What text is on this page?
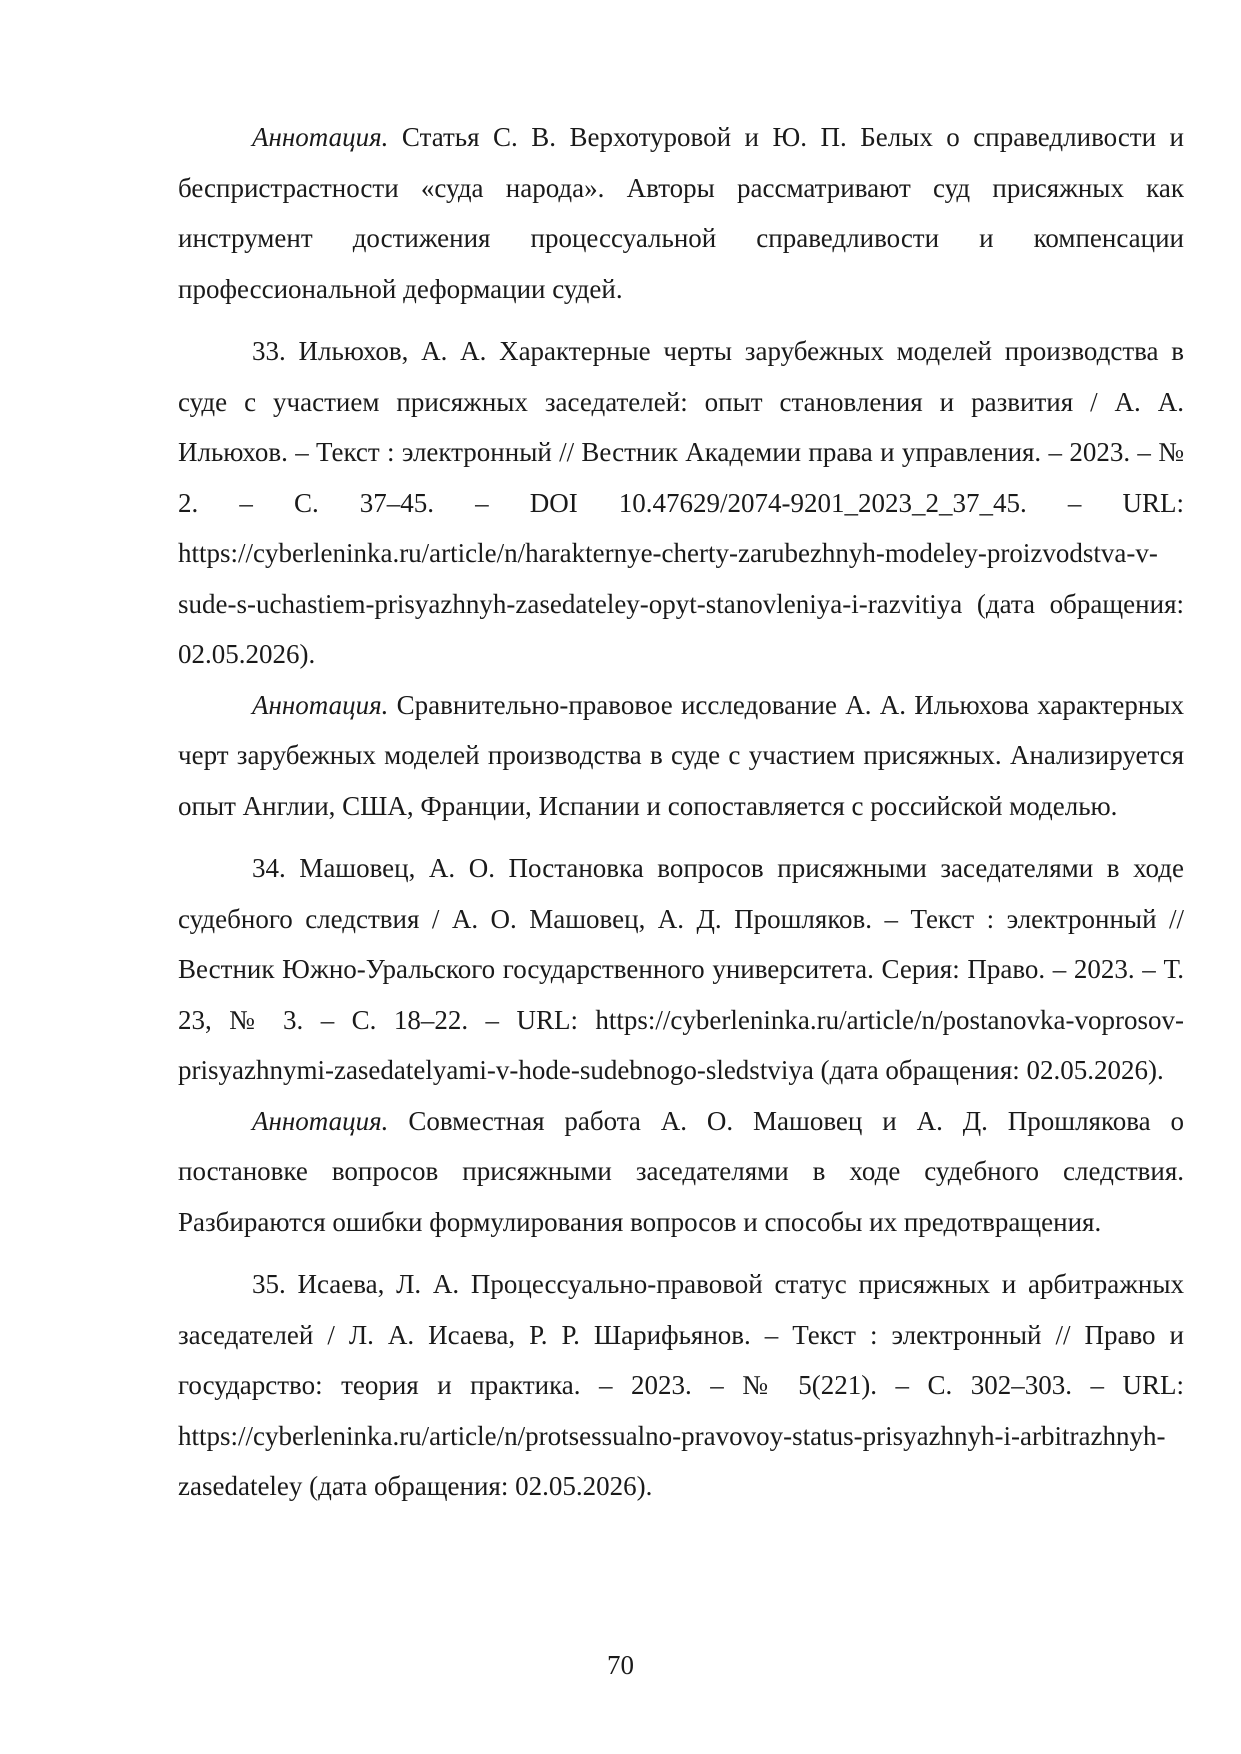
Аннотация. Статья С. В. Верхотуровой и Ю. П. Белых о справедливости и беспристрастности «суда народа». Авторы рассматривают суд присяжных как инструмент достижения процессуальной справедливости и компенсации профессиональной деформации судей.

33. Ильюхов, А. А. Характерные черты зарубежных моделей производства в суде с участием присяжных заседателей: опыт становления и развития / А. А. Ильюхов. – Текст : электронный // Вестник Академии права и управления. – 2023. – № 2. – С. 37–45. – DOI 10.47629/2074-9201_2023_2_37_45. – URL: https://cyberleninka.ru/article/n/harakternye-cherty-zarubezhnyh-modeley-proizvodstva-v-sude-s-uchastiem-prisyazhnyh-zasedateley-opyt-stanovleniya-i-razvitiya (дата обращения: 02.05.2026).

Аннотация. Сравнительно-правовое исследование А. А. Ильюхова характерных черт зарубежных моделей производства в суде с участием присяжных. Анализируется опыт Англии, США, Франции, Испании и сопоставляется с российской моделью.

34. Машовец, А. О. Постановка вопросов присяжными заседателями в ходе судебного следствия / А. О. Машовец, А. Д. Прошляков. – Текст : электронный // Вестник Южно-Уральского государственного университета. Серия: Право. – 2023. – Т. 23, № 3. – С. 18–22. – URL: https://cyberleninka.ru/article/n/postanovka-voprosov-prisyazhnymi-zasedatelyami-v-hode-sudebnogo-sledstviya (дата обращения: 02.05.2026).

Аннотация. Совместная работа А. О. Машовец и А. Д. Прошлякова о постановке вопросов присяжными заседателями в ходе судебного следствия. Разбираются ошибки формулирования вопросов и способы их предотвращения.

35. Исаева, Л. А. Процессуально-правовой статус присяжных и арбитражных заседателей / Л. А. Исаева, Р. Р. Шарифьянов. – Текст : электронный // Право и государство: теория и практика. – 2023. – № 5(221). – С. 302–303. – URL: https://cyberleninka.ru/article/n/protsessualno-pravovoy-status-prisyazhnyh-i-arbitrazhnyh-zasedateley (дата обращения: 02.05.2026).

70
